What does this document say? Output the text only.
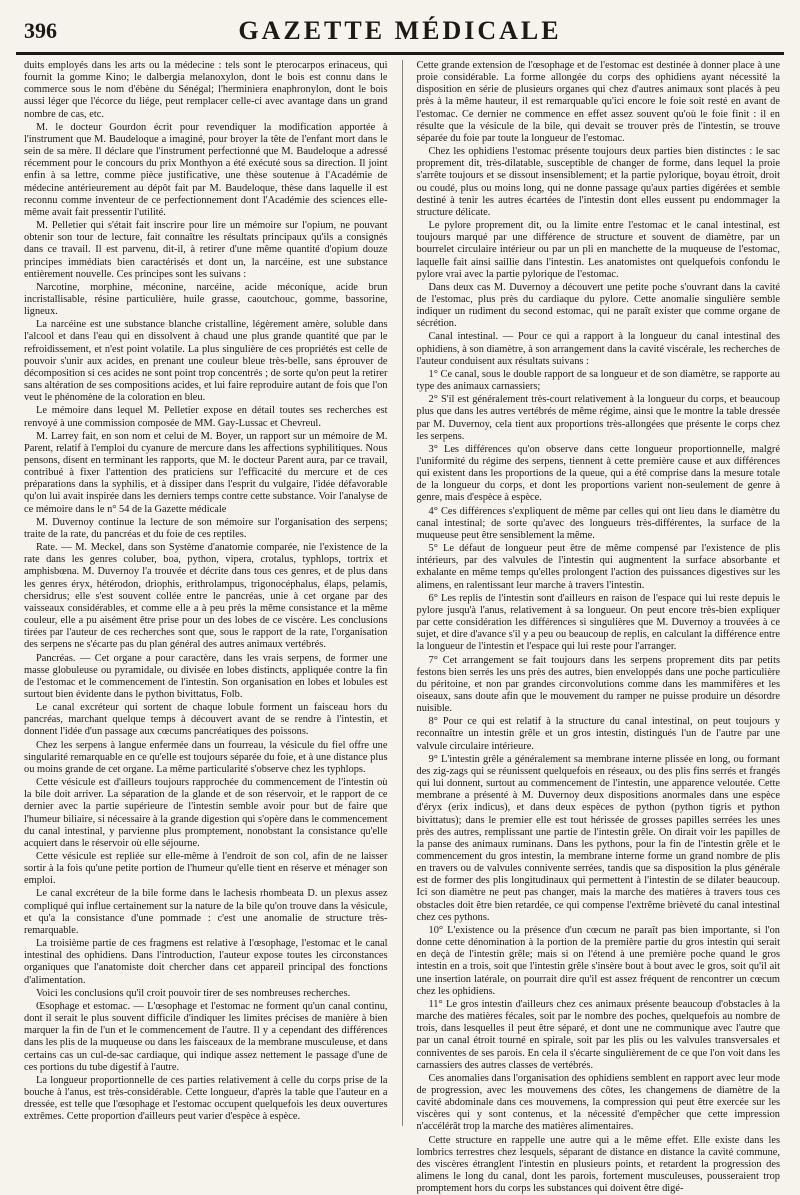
396	GAZETTE MÉDICALE

duits employés dans les arts ou la médecine : tels sont le pterocarpos erinaceus, qui fournit la gomme Kino; le dalbergia melanoxylon, dont le bois est connu dans le commerce sous le nom d'ébène du Sénégal; l'herminiera enaphronylon, dont le bois aussi léger que l'écorce du liége, peut remplacer celle-ci avec avantage dans un grand nombre de cas, etc.

M. le docteur Gourdon écrit pour revendiquer la modification apportée à l'instrument que M. Baudeloque a imaginé, pour broyer la tête de l'enfant mort dans le sein de sa mère. Il déclare que l'instrument perfectionné que M. Baudeloque a adressé récemment pour le concours du prix Monthyon a été exécuté sous sa direction. Il joint enfin à sa lettre, comme pièce justificative, une thèse soutenue à l'Académie de médecine antérieurement au dépôt fait par M. Baudeloque, thèse dans laquelle il est reconnu comme inventeur de ce perfectionnement dont l'Académie des sciences elle-même avait fait pressentir l'utilité.

M. Pelletier qui s'était fait inscrire pour lire un mémoire sur l'opium, ne pouvant obtenir son tour de lecture, fait connaître les résultats principaux qu'ils a consignés dans ce travail. Il est parvenu, dit-il, à retirer d'une même quantité d'opium douze principes immédiats bien caractérisés et dont un, la narcéine, est une substance entièrement nouvelle. Ces principes sont les suivans :

Narcotine, morphine, méconine, narcéine, acide méconique, acide brun incristallisable, résine particulière, huile grasse, caoutchouc, gomme, bassorine, ligneux.

La narcéine est une substance blanche cristalline, légèrement amère, soluble dans l'alcool et dans l'eau qui en dissolvent à chaud une plus grande quantité que par le refroidissement, et n'est point volatile. La plus singulière de ces propriétés est celle de pouvoir s'unir aux acides, en prenant une couleur bleue très-belle, sans éprouver de décomposition si ces acides ne sont point trop concentrés ; de sorte qu'on peut la retirer sans altération de ses compositions acides, et lui faire reproduire autant de fois que l'on veut le phénomène de la coloration en bleu.

Le mémoire dans lequel M. Pelletier expose en détail toutes ses recherches est renvoyé à une commission composée de MM. Gay-Lussac et Chevreul.

M. Larrey fait, en son nom et celui de M. Boyer, un rapport sur un mémoire de M. Parent, relatif à l'emploi du cyanure de mercure dans les affections syphilitiques. Nous pensons, disent en terminant les rapports, que M. le docteur Parent aura, par ce travail, contribué à fixer l'attention des praticiens sur l'efficacité du mercure et de ces préparations dans la syphilis, et à dissiper dans l'esprit du vulgaire, l'idée défavorable qu'on lui avait inspirée dans les derniers temps contre cette substance. Voir l'analyse de ce mémoire dans le n° 54 de la Gazette médicale

M. Duvernoy continue la lecture de son mémoire sur l'organisation des serpens; traite de la rate, du pancréas et du foie de ces reptiles.

Rate. — M. Meckel, dans son Système d'anatomie comparée, nie l'existence de la rate dans les genres coluber, boa, python, vipera, crotalus, typhlops, tortrix et amphisbœna. M. Duvernoy l'a trouvée et décrite dans tous ces genres, et de plus dans les genres éryx, hétérodon, driophis, erithrolampus, trigonocéphalus, élaps, pelamis, chersidrus; elle s'est souvent collée entre le pancréas, unie à cet organe par des vaisseaux considérables, et comme elle a à peu près la même consistance et la même couleur, elle a pu aisément être prise pour un des lobes de ce viscère. Les conclusions tirées par l'auteur de ces recherches sont que, sous le rapport de la rate, l'organisation des serpens ne s'écarte pas du plan général des autres animaux vertébrés.

Pancréas. — Cet organe a pour caractère, dans les vrais serpens, de former une masse globuleuse ou pyramidale, ou divisée en lobes distincts, appliquée contre la fin de l'estomac et le commencement de l'intestin. Son organisation en lobes et lobules est surtout bien évidente dans le python bivittatus, Folb.

Le canal excréteur qui sortent de chaque lobule forment un faisceau hors du pancréas, marchant quelque temps à découvert avant de se rendre à l'intestin, et donnent l'idée d'un passage aux cœcums pancréatiques des poissons.

Chez les serpens à langue enfermée dans un fourreau, la vésicule du fiel offre une singularité remarquable en ce qu'elle est toujours séparée du foie, et à une distance plus ou moins grande de cet organe. La même particularité s'observe chez les typhlops.

Cette vésicule est d'ailleurs toujours rapprochée du commencement de l'intestin où la bile doit arriver. La séparation de la glande et de son réservoir, et le rapport de ce dernier avec la partie supérieure de l'intestin semble avoir pour but de faire que l'humeur biliaire, si nécessaire à la grande digestion qui s'opère dans le commencement du canal intestinal, y parvienne plus promptement, nonobstant la consistance qu'elle acquiert dans le réservoir où elle séjourne.

Cette vésicule est repliée sur elle-même à l'endroit de son col, afin de ne laisser sortir à la fois qu'une petite portion de l'humeur qu'elle tient en réserve et ménager son emploi.

Le canal excréteur de la bile forme dans le lachesis rhombeata D. un plexus assez compliqué qui influe certainement sur la nature de la bile qu'on trouve dans la vésicule, et qu'a la consistance d'une pommade : c'est une anomalie de structure très-remarquable.

La troisième partie de ces fragmens est relative à l'œsophage, l'estomac et le canal intestinal des ophidiens. Dans l'introduction, l'auteur expose toutes les circonstances organiques que l'anatomiste doit chercher dans cet appareil principal des fonctions d'alimentation.

Voici les conclusions qu'il croit pouvoir tirer de ses nombreuses recherches.

Œsophage et estomac. — L'œsophage et l'estomac ne forment qu'un canal continu, dont il serait le plus souvent difficile d'indiquer les limites précises de manière à bien marquer la fin de l'un et le commencement de l'autre. Il y a cependant des différences dans les plis de la muqueuse ou dans les faisceaux de la membrane musculeuse, et dans certains cas un cul-de-sac cardiaque, qui indique assez nettement le passage d'une de ces portions du tube digestif à l'autre.

La longueur proportionnelle de ces parties relativement à celle du corps prise de la bouche à l'anus, est très-considérable. Cette longueur, d'après la table que l'auteur en a dressée, est telle que l'œsophage et l'estomac occupent quelquefois les deux ouvertures extrêmes. Cette proportion d'ailleurs peut varier d'espèce à espèce.

Cette grande extension de l'œsophage et de l'estomac est destinée à donner place à une proie considérable. La forme allongée du corps des ophidiens ayant nécessité la disposition en série de plusieurs organes qui chez d'autres animaux sont placés à peu près à la même hauteur, il est remarquable qu'ici encore le foie soit resté en avant de l'estomac. Ce dernier ne commence en effet assez souvent qu'où le foie finit : il en résulte que la vésicule de la bile, qui devait se trouver près de l'intestin, se trouve séparée du foie par toute la longueur de l'estomac.

Chez les ophidiens l'estomac présente toujours deux parties bien distinctes : le sac proprement dit, très-dilatable, susceptible de changer de forme, dans lequel la proie s'arrête toujours et se dissout insensiblement; et la partie pylorique, boyau étroit, droit ou coudé, plus ou moins long, qui ne donne passage qu'aux parties digérées et semble destiné à tenir les autres écartées de l'intestin dont elles eussent pu endommager la structure délicate.

Le pylore proprement dit, ou la limite entre l'estomac et le canal intestinal, est toujours marqué par une différence de structure et souvent de diamètre, par un bourrelet circulaire intérieur ou par un pli en manchette de la muqueuse de l'estomac, laquelle fait ainsi saillie dans l'intestin. Les anatomistes ont quelquefois confondu le pylore vrai avec la partie pylorique de l'estomac.

Dans deux cas M. Duvernoy a découvert une petite poche s'ouvrant dans la cavité de l'estomac, plus près du cardiaque du pylore. Cette anomalie singulière semble indiquer un rudiment du second estomac, qui ne paraît exister que comme organe de sécrétion.

Canal intestinal. — Pour ce qui a rapport à la longueur du canal intestinal des ophidiens, à son diamètre, à son arrangement dans la cavité viscérale, les recherches de l'auteur conduisent aux résultats suivans :

1° Ce canal, sous le double rapport de sa longueur et de son diamètre, se rapporte au type des animaux carnassiers;

2° S'il est généralement très-court relativement à la longueur du corps, et beaucoup plus que dans les autres vertébrés de même régime, ainsi que le montre la table dressée par M. Duvernoy, cela tient aux proportions très-allongées que présente le corps chez les serpens.

3° Les différences qu'on observe dans cette longueur proportionnelle, malgré l'uniformité du régime des serpens, tiennent à cette première cause et aux différences qui existent dans les proportions de la queue, qui a été comprise dans la mesure totale de la longueur du corps, et dont les proportions varient non-seulement de genre à genre, mais d'espèce à espèce.

4° Ces différences s'expliquent de même par celles qui ont lieu dans le diamètre du canal intestinal; de sorte qu'avec des longueurs très-différentes, la surface de la muqueuse peut être sensiblement la même.

5° Le défaut de longueur peut être de même compensé par l'existence de plis intérieurs, par des valvules de l'intestin qui augmentent la surface absorbante et exhalante en même temps qu'elles prolongent l'action des puissances digestives sur les alimens, en ralentissant leur marche à travers l'intestin.

6° Les replis de l'intestin sont d'ailleurs en raison de l'espace qui lui reste depuis le pylore jusqu'à l'anus, relativement à sa longueur. On peut encore très-bien expliquer par cette considération les différences si singulières que M. Duvernoy a trouvées à ce sujet, et dire d'avance s'il y a peu ou beaucoup de replis, en calculant la différence entre la longueur de l'intestin et l'espace qui lui reste pour l'arranger.

7° Cet arrangement se fait toujours dans les serpens proprement dits par petits festons bien serrés les uns près des autres, bien enveloppés dans une poche particulière du péritoine, et non par grandes circonvolutions comme dans les mammifères et les oiseaux, sans doute afin que le mouvement du ramper ne puisse produire un désordre nuisible.

8° Pour ce qui est relatif à la structure du canal intestinal, on peut toujours y reconnaître un intestin grêle et un gros intestin, distingués l'un de l'autre par une valvule circulaire intérieure.

9° L'intestin grêle a généralement sa membrane interne plissée en long, ou formant des zig-zags qui se réunissent quelquefois en réseaux, ou des plis fins serrés et frangés qui lui donnent, surtout au commencement de l'intestin, une apparence veloutée. Cette membrane a présenté à M. Duvernoy deux dispositions anormales dans une espèce d'éryx (erix indicus), et dans deux espèces de python (python tigris et python bivittatus); dans le premier elle est tout hérissée de grosses papilles serrées les unes près des autres, remplissant une partie de l'intestin grêle. On dirait voir les papilles de la panse des animaux ruminans. Dans les pythons, pour la fin de l'intestin grêle et le commencement du gros intestin, la membrane interne forme un grand nombre de plis en travers ou de valvules connivente serrées, tandis que sa disposition la plus générale est de former des plis longitudinaux qui permettent à l'intestin de se dilater beaucoup. Ici son diamètre ne peut pas changer, mais la marche des matières à travers tous ces obstacles doit être bien retardée, ce qui compense l'extrême brièveté du canal intestinal chez ces pythons.

10° L'existence ou la présence d'un cœcum ne paraît pas bien importante, si l'on donne cette dénomination à la portion de la première partie du gros intestin qui serait en deçà de l'intestin grêle; mais si on l'étend à une première poche quand le gros intestin en a trois, soit que l'intestin grêle s'insère bout à bout avec le gros, soit qu'il ait une insertion latérale, on pourrait dire qu'il est assez fréquent de rencontrer un cœcum chez les ophidiens.

11° Le gros intestin d'ailleurs chez ces animaux présente beaucoup d'obstacles à la marche des matières fécales, soit par le nombre des poches, quelquefois au nombre de trois, dans lesquelles il peut être séparé, et dont une ne communique avec l'autre que par un canal étroit tourné en spirale, soit par les plis ou les valvules transversales et conniventes de ses parois. En cela il s'écarte singulièrement de ce que l'on voit dans les carnassiers des autres classes de vertébrés.

Ces anomalies dans l'organisation des ophidiens semblent en rapport avec leur mode de progression, avec les mouvemens des côtes, les changemens de diamètre de la cavité abdominale dans ces mouvemens, la compression qui peut être exercée sur les viscères qui y sont contenus, et la nécessité d'empêcher que cette impression n'accélérât trop la marche des matières alimentaires.

Cette structure en rappelle une autre qui a le même effet. Elle existe dans les lombrics terrestres chez lesquels, séparant de distance en distance la cavité commune, des viscères étranglent l'intestin en plusieurs points, et retardent la progression des alimens le long du canal, dont les parois, fortement musculeuses, pousseraient trop promptement hors du corps les substances qui doivent être digé-
